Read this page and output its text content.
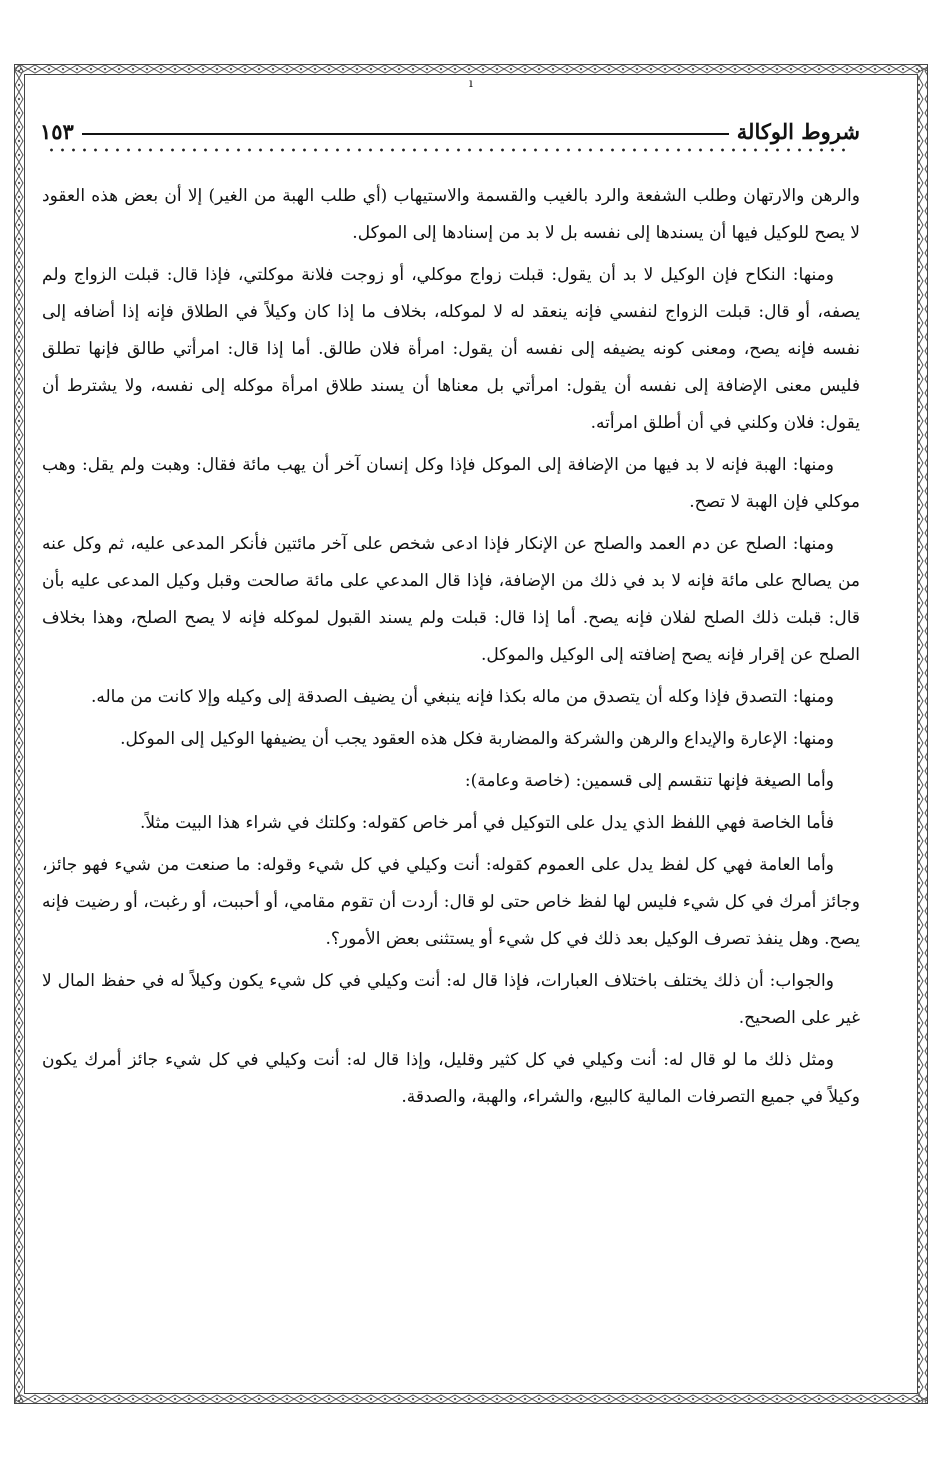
ı
شروط الوكالة
١٥٣

والرهن والارتهان وطلب الشفعة والرد بالغيب والقسمة والاستيهاب (أي طلب الهبة من الغير) إلا أن بعض هذه العقود لا يصح للوكيل فيها أن يسندها إلى نفسه بل لا بد من إسنادها إلى الموكل.

ومنها: النكاح فإن الوكيل لا بد أن يقول: قبلت زواج موكلي، أو زوجت فلانة موكلتي، فإذا قال: قبلت الزواج ولم يصفه، أو قال: قبلت الزواج لنفسي فإنه ينعقد له لا لموكله، بخلاف ما إذا كان وكيلاً في الطلاق فإنه إذا أضافه إلى نفسه فإنه يصح، ومعنى كونه يضيفه إلى نفسه أن يقول: امرأة فلان طالق. أما إذا قال: امرأتي طالق فإنها تطلق فليس معنى الإضافة إلى نفسه أن يقول: امرأتي بل معناها أن يسند طلاق امرأة موكله إلى نفسه، ولا يشترط أن يقول: فلان وكلني في أن أطلق امرأته.

ومنها: الهبة فإنه لا بد فيها من الإضافة إلى الموكل فإذا وكل إنسان آخر أن يهب مائة فقال: وهبت ولم يقل: وهب موكلي فإن الهبة لا تصح.

ومنها: الصلح عن دم العمد والصلح عن الإنكار فإذا ادعى شخص على آخر مائتين فأنكر المدعى عليه، ثم وكل عنه من يصالح على مائة فإنه لا بد في ذلك من الإضافة، فإذا قال المدعي على مائة صالحت وقبل وكيل المدعى عليه بأن قال: قبلت ذلك الصلح لفلان فإنه يصح. أما إذا قال: قبلت ولم يسند القبول لموكله فإنه لا يصح الصلح، وهذا بخلاف الصلح عن إقرار فإنه يصح إضافته إلى الوكيل والموكل.

ومنها: التصدق فإذا وكله أن يتصدق من ماله بكذا فإنه ينبغي أن يضيف الصدقة إلى وكيله وإلا كانت من ماله.

ومنها: الإعارة والإيداع والرهن والشركة والمضاربة فكل هذه العقود يجب أن يضيفها الوكيل إلى الموكل.

وأما الصيغة فإنها تنقسم إلى قسمين: (خاصة وعامة):

فأما الخاصة فهي اللفظ الذي يدل على التوكيل في أمر خاص كقوله: وكلتك في شراء هذا البيت مثلاً.

وأما العامة فهي كل لفظ يدل على العموم كقوله: أنت وكيلي في كل شيء وقوله: ما صنعت من شيء فهو جائز، وجائز أمرك في كل شيء فليس لها لفظ خاص حتى لو قال: أردت أن تقوم مقامي، أو أحببت، أو رغبت، أو رضيت فإنه يصح. وهل ينفذ تصرف الوكيل بعد ذلك في كل شيء أو يستثنى بعض الأمور؟.

والجواب: أن ذلك يختلف باختلاف العبارات، فإذا قال له: أنت وكيلي في كل شيء يكون وكيلاً له في حفظ المال لا غير على الصحيح.

ومثل ذلك ما لو قال له: أنت وكيلي في كل كثير وقليل، وإذا قال له: أنت وكيلي في كل شيء جائز أمرك يكون وكيلاً في جميع التصرفات المالية كالبيع، والشراء، والهبة، والصدقة.
